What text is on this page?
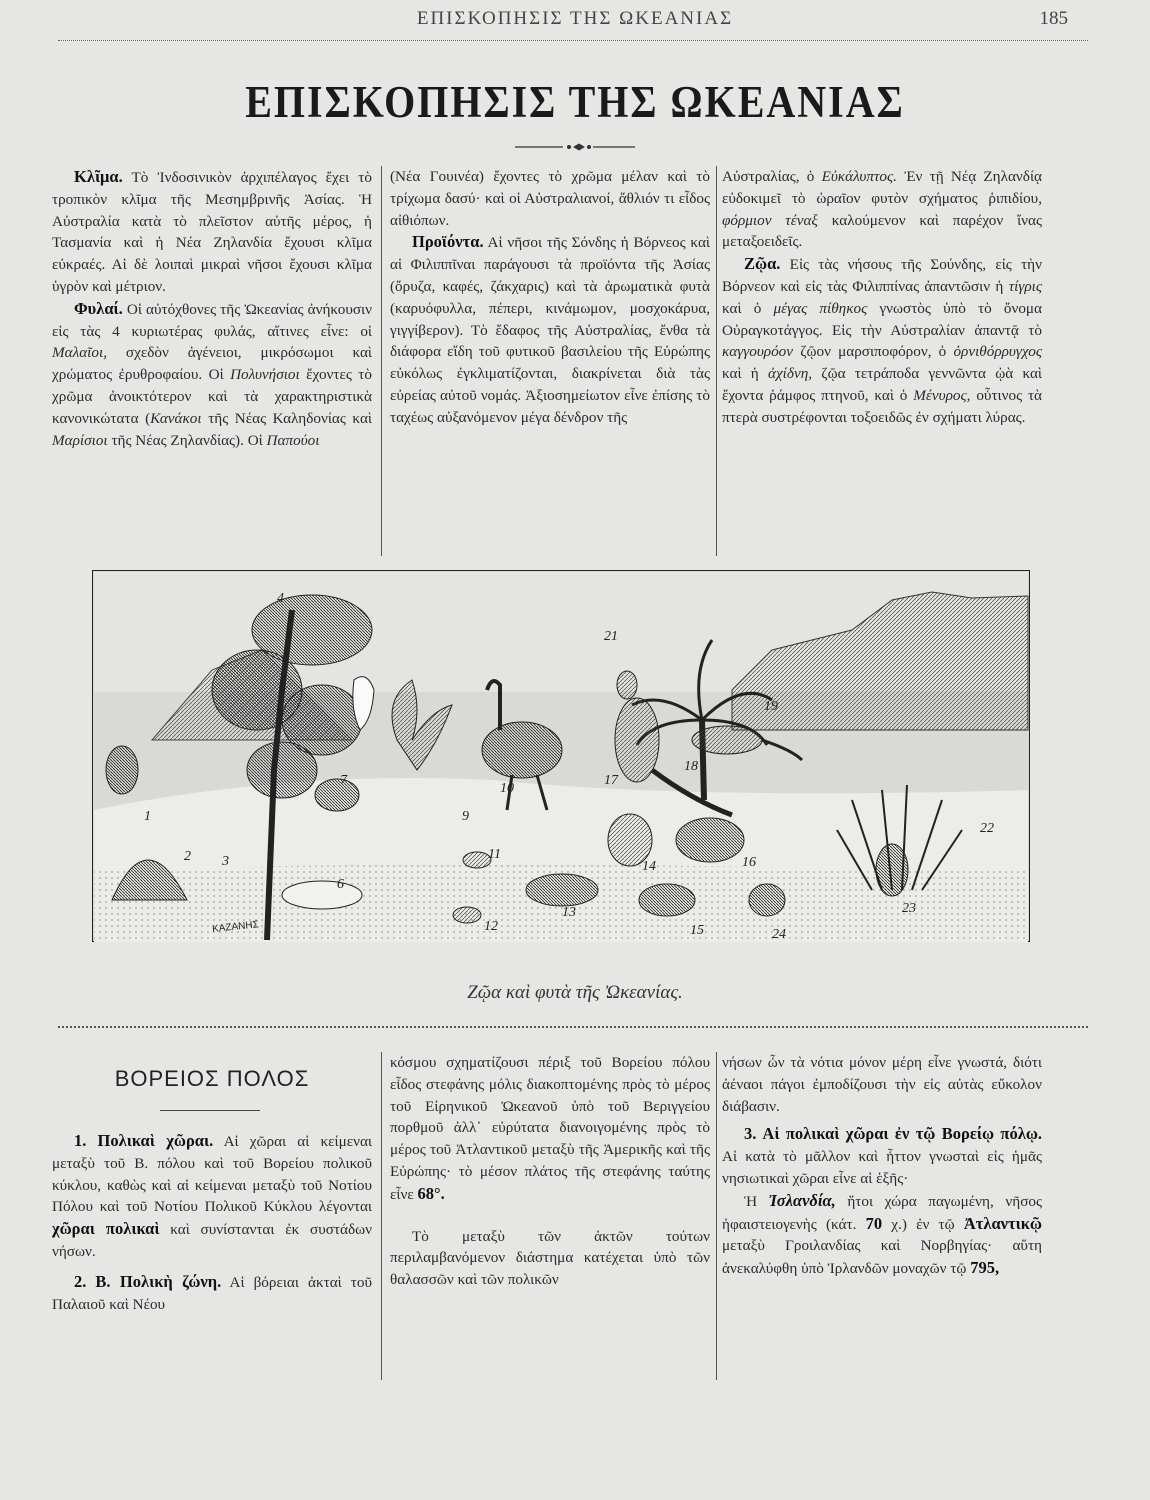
ΕΠΙΣΚΟΠΗΣΙΣ ΤΗΣ ΩΚΕΑΝΙΑΣ	185
ΕΠΙΣΚΟΠΗΣΙΣ ΤΗΣ ΩΚΕΑΝΙΑΣ

Κλῖμα. Τὸ Ἰνδοσινικὸν ἀρχιπέλαγος ἔχει τὸ τροπικὸν κλῖμα τῆς Μεσημβρινῆς Ἀσίας. Ἡ Αὐστραλία κατὰ τὸ πλεῖστον αὐτῆς μέρος, ἡ Τασμανία καὶ ἡ Νέα Ζηλανδία ἔχουσι κλῖμα εὐκραές. Αἱ δὲ λοιπαὶ μικραὶ νῆσοι ἔχουσι κλῖμα ὑγρὸν καὶ μέτριον.

Φυλαί. Οἱ αὐτόχθονες τῆς Ὠκεανίας ἀνήκουσιν εἰς τὰς 4 κυριωτέρας φυλάς, αἵτινες εἶνε: οἱ Μαλαῖοι, σχεδὸν ἀγένειοι, μικρόσωμοι καὶ χρώματος ἐρυθροφαίου. Οἱ Πολυνήσιοι ἔχοντες τὸ χρῶμα ἀνοικτότερον καὶ τὰ χαρακτηριστικὰ κανονικώτατα (Κανάκοι τῆς Νέας Καληδονίας καὶ Μαρίσιοι τῆς Νέας Ζηλανδίας). Οἱ Παπούοι

(Νέα Γουινέα) ἔχοντες τὸ χρῶμα μέλαν καὶ τὸ τρίχωμα δασύ· καὶ οἱ Αὐστραλιανοί, ἄθλιόν τι εἶδος αἰθιόπων.

Προϊόντα. Αἱ νῆσοι τῆς Σόνδης ἡ Βόρνεος καὶ αἱ Φιλιππῖναι παράγουσι τὰ προϊόντα τῆς Ἀσίας (ὄρυζα, καφές, ζάκχαρις) καὶ τὰ ἀρωματικὰ φυτὰ (καρυόφυλλα, πέπερι, κινάμωμον, μοσχοκάρυα, γιγγίβερον). Τὸ ἔδαφος τῆς Αὐστραλίας, ἔνθα τὰ διάφορα εἴδη τοῦ φυτικοῦ βασιλείου τῆς Εὐρώπης εὐκόλως ἐγκλιματίζονται, διακρίνεται διὰ τὰς εὐρείας αὐτοῦ νομάς. Ἀξιοσημείωτον εἶνε ἐπίσης τὸ ταχέως αὐξανόμενον μέγα δένδρον τῆς

Αὐστραλίας, ὁ Εὐκάλυπτος. Ἐν τῇ Νέᾳ Ζηλανδίᾳ εὐδοκιμεῖ τὸ ὡραῖον φυτὸν σχήματος ῥιπιδίου, φόρμιον τέναξ καλούμενον καὶ παρέχον ἴνας μεταξοειδεῖς.

Ζῷα. Εἰς τὰς νήσους τῆς Σούνδης, εἰς τὴν Βόρνεον καὶ εἰς τὰς Φιλιππίνας ἀπαντῶσιν ἡ τίγρις καὶ ὁ μέγας πίθηκος γνωστὸς ὑπὸ τὸ ὄνομα Οὐραγκοτάγγος. Εἰς τὴν Αὐστραλίαν ἀπαντᾷ τὸ καγγουρόον ζῷον μαρσιποφόρον, ὁ ὀρνιθόρρυγχος καὶ ἡ ἀχίδνη, ζῷα τετράποδα γεννῶντα ᾠὰ καὶ ἔχοντα ῥάμφος πτηνοῦ, καὶ ὁ Μένυρος, οὗτινος τὰ πτερὰ συστρέφονται τοξοειδῶς ἐν σχήματι λύρας.

1
2 3
4
6
7
9
10
11
12
13
14
15
16
17
18
19
21
22
23
24
ΚΑΖΑΝΗΣ
Ζῷα καὶ φυτὰ τῆς Ὠκεανίας.
ΒΟΡΕΙΟΣ ΠΟΛΟΣ

1. Πολικαὶ χῶραι. Αἱ χῶραι αἱ κείμεναι μεταξὺ τοῦ Β. πόλου καὶ τοῦ Βορείου πολικοῦ κύκλου, καθὼς καὶ αἱ κείμεναι μεταξὺ τοῦ Νοτίου Πόλου καὶ τοῦ Νοτίου Πολικοῦ Κύκλου λέγονται χῶραι πολικαὶ καὶ συνίστανται ἐκ συστάδων νήσων.

2. Β. Πολικὴ ζώνη. Αἱ βόρειαι ἀκταὶ τοῦ Παλαιοῦ καὶ Νέου

κόσμου σχηματίζουσι πέριξ τοῦ Βορείου πόλου εἶδος στεφάνης μόλις διακοπτομένης πρὸς τὸ μέρος τοῦ Εἰρηνικοῦ Ὠκεανοῦ ὑπὸ τοῦ Βεριγγείου πορθμοῦ ἀλλ᾽ εὐρύτατα διανοιγομένης πρὸς τὸ μέρος τοῦ Ἀτλαντικοῦ μεταξὺ τῆς Ἀμερικῆς καὶ τῆς Εὐρώπης· τὸ μέσον πλάτος τῆς στεφάνης ταύτης εἶνε 68°.

Τὸ μεταξὺ τῶν ἀκτῶν τούτων περιλαμβανόμενον διάστημα κατέχεται ὑπὸ τῶν θαλασσῶν καὶ τῶν πολικῶν

νήσων ὧν τὰ νότια μόνον μέρη εἶνε γνωστά, διότι ἀέναοι πάγοι ἐμποδίζουσι τὴν εἰς αὐτὰς εὔκολον διάβασιν.

3. Αἱ πολικαὶ χῶραι ἐν τῷ Βορείῳ πόλῳ. Αἱ κατὰ τὸ μᾶλλον καὶ ἧττον γνωσταὶ εἰς ἡμᾶς νησιωτικαὶ χῶραι εἶνε αἱ ἑξῆς·

Ἡ Ἰσλανδία, ἥτοι χώρα παγωμένη, νῆσος ἡφαιστειογενὴς (κάτ. 70 χ.) ἐν τῷ Ἀτλαντικῷ μεταξὺ Γροιλανδίας καὶ Νορβηγίας· αὕτη ἀνεκαλύφθη ὑπὸ Ἰρλανδῶν μοναχῶν τῷ 795,
